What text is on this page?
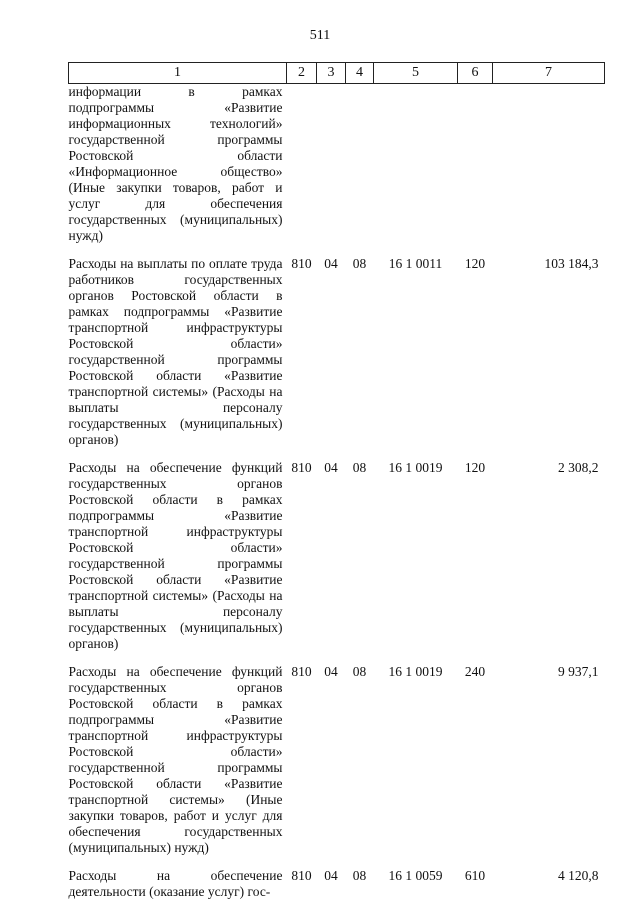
511
1	2	3	4	5	6	7
информации в рамках подпрограммы «Развитие информационных технологий» государственной программы Ростовской области «Информационное общество» (Иные закупки товаров, работ и услуг для обеспечения государственных (муниципальных) нужд)						
Расходы на выплаты по оплате труда работников государственных органов Ростовской области в рамках подпрограммы «Развитие транспортной инфраструктуры Ростовской области» государственной программы Ростовской области «Развитие транспортной системы» (Расходы на выплаты персоналу государственных (муниципальных) органов)	810	04	08	16 1 0011	120	103 184,3
Расходы на обеспечение функций государственных органов Ростовской области в рамках подпрограммы «Развитие транспортной инфраструктуры Ростовской области» государственной программы Ростовской области «Развитие транспортной системы» (Расходы на выплаты персоналу государственных (муниципальных) органов)	810	04	08	16 1 0019	120	2 308,2
Расходы на обеспечение функций государственных органов Ростовской области в рамках подпрограммы «Развитие транспортной инфраструктуры Ростовской области» государственной программы Ростовской области «Развитие транспортной системы» (Иные закупки товаров, работ и услуг для обеспечения государственных (муниципальных) нужд)	810	04	08	16 1 0019	240	9 937,1
Расходы на обеспечение деятельности (оказание услуг) гос-	810	04	08	16 1 0059	610	4 120,8
